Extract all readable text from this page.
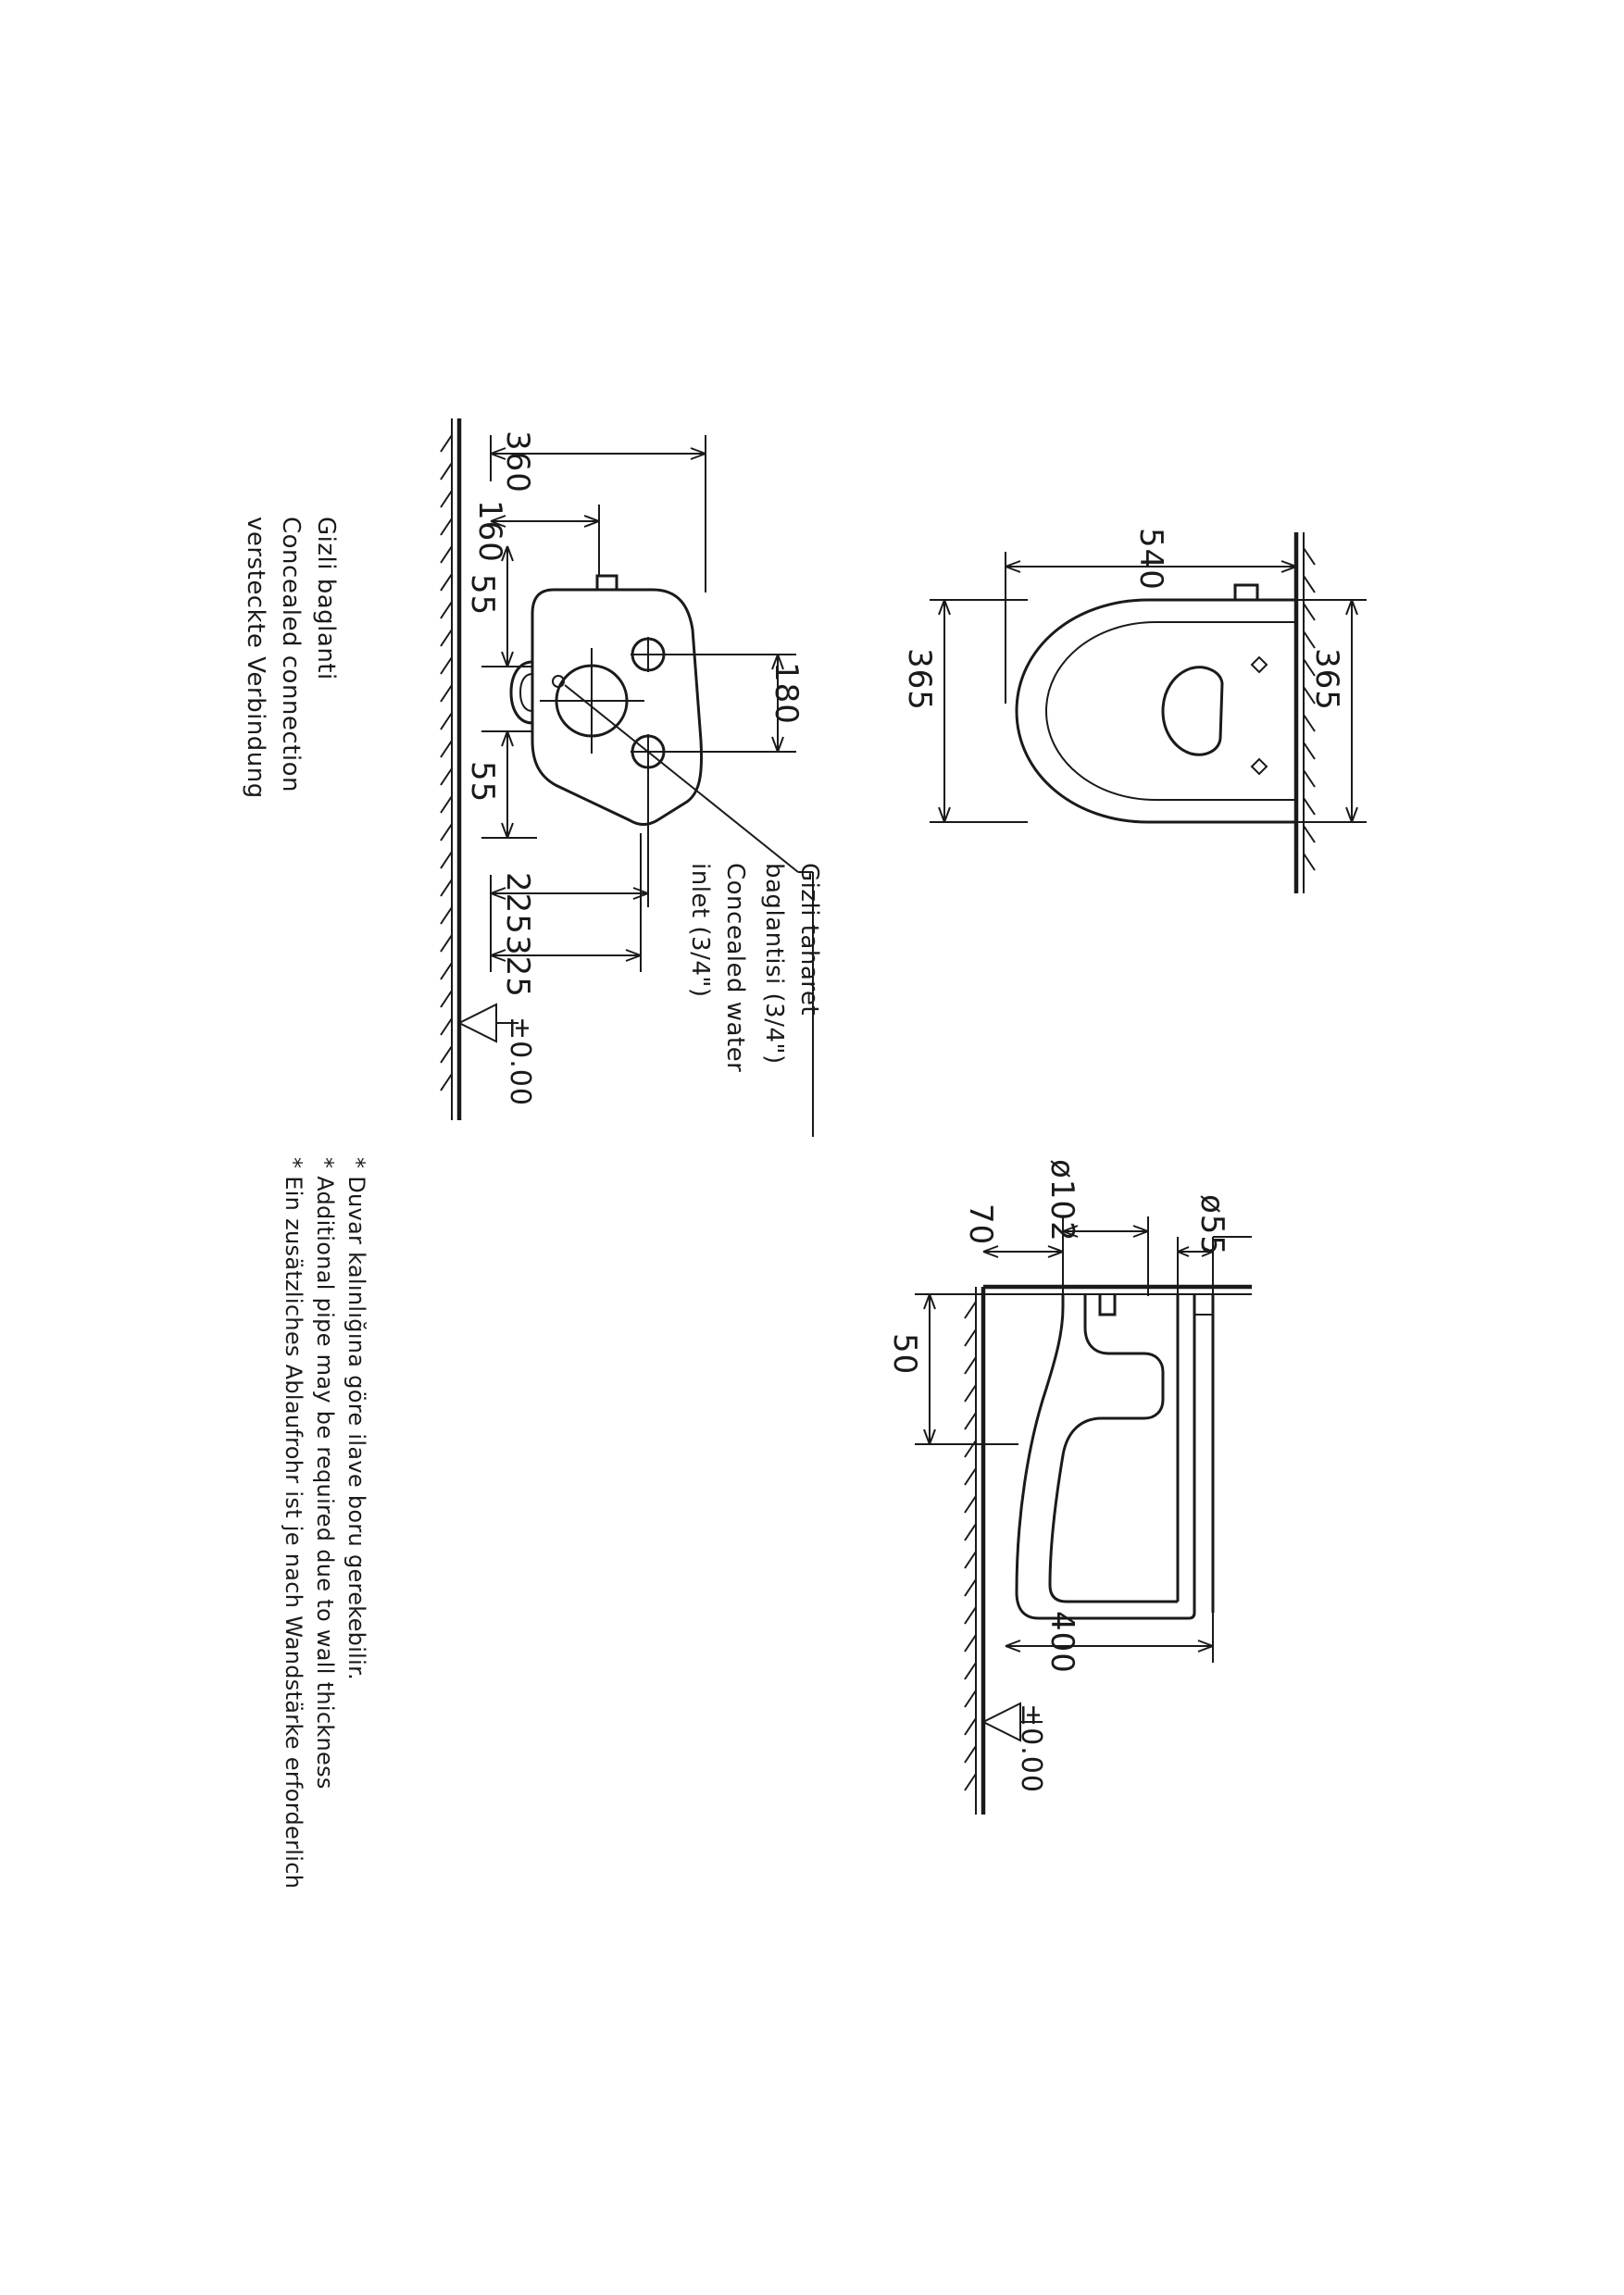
360
160
55
55
180
225
325
±0.00
540
365	365
ø102
70	ø55
50
400
±0.00
versteckte Verbindung Concealed connection Gizli baglanti
inlet (3/4") Concealed water baglantisi (3/4") Gizli taharet
* Ein zusätzliches Ablaufrohr ist je nach Wandstärke erforderlich * Additional pipe may be required due to wall thickness * Duvar kalınlığına göre ilave boru gerekebilir.
